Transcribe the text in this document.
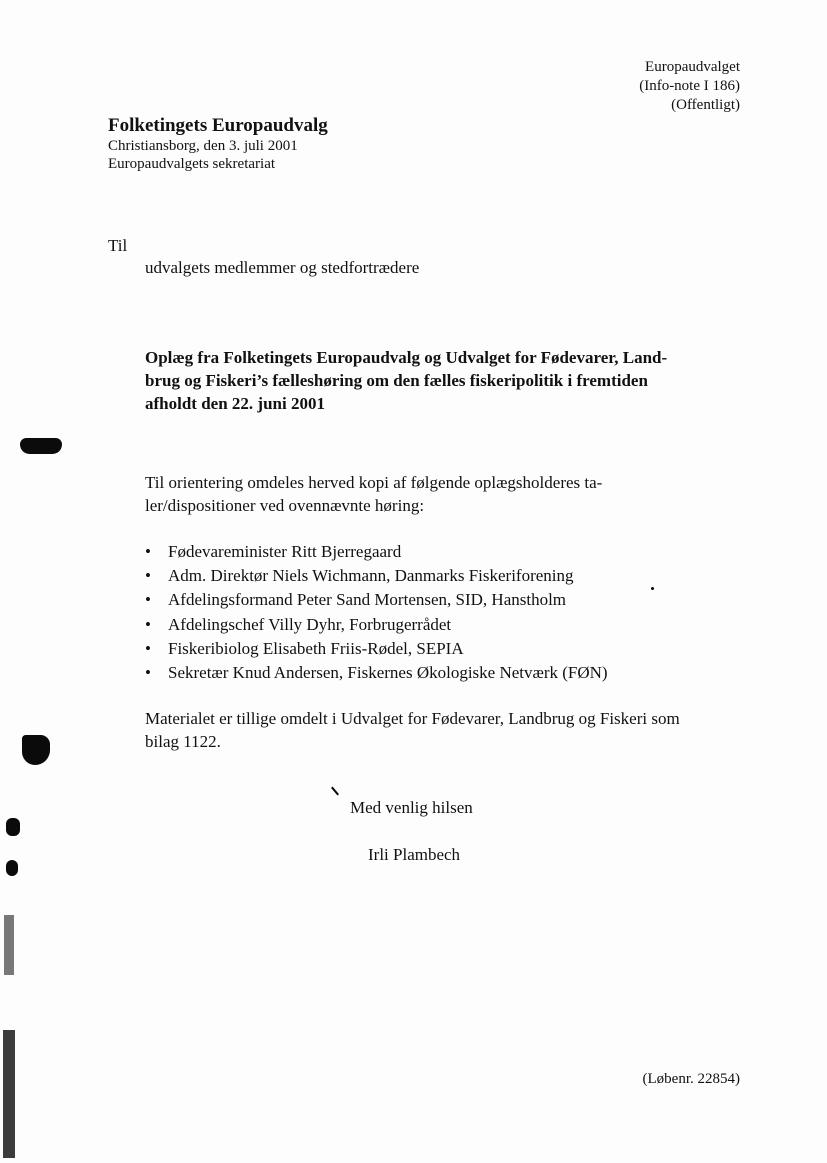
Europaudvalget
(Info-note I 186)
(Offentligt)
Folketingets Europaudvalg
Christiansborg, den 3. juli 2001
Europaudvalgets sekretariat
Til
udvalgets medlemmer og stedfortrædere
Oplæg fra Folketingets Europaudvalg og Udvalget for Fødevarer, Land-
brug og Fiskeri’s fælleshøring om den fælles fiskeripolitik i fremtiden
afholdt den 22. juni 2001
Til orientering omdeles herved kopi af følgende oplægsholderes ta-
ler/dispositioner ved ovennævnte høring:
• Fødevareminister Ritt Bjerregaard
• Adm. Direktør Niels Wichmann, Danmarks Fiskeriforening
• Afdelingsformand Peter Sand Mortensen, SID, Hanstholm
• Afdelingschef Villy Dyhr, Forbrugerrådet
• Fiskeribiolog Elisabeth Friis-Rødel, SEPIA
• Sekretær Knud Andersen, Fiskernes Økologiske Netværk (FØN)
Materialet er tillige omdelt i Udvalget for Fødevarer, Landbrug og Fiskeri som
bilag 1122.
Med venlig hilsen
Irli Plambech
(Løbenr. 22854)
